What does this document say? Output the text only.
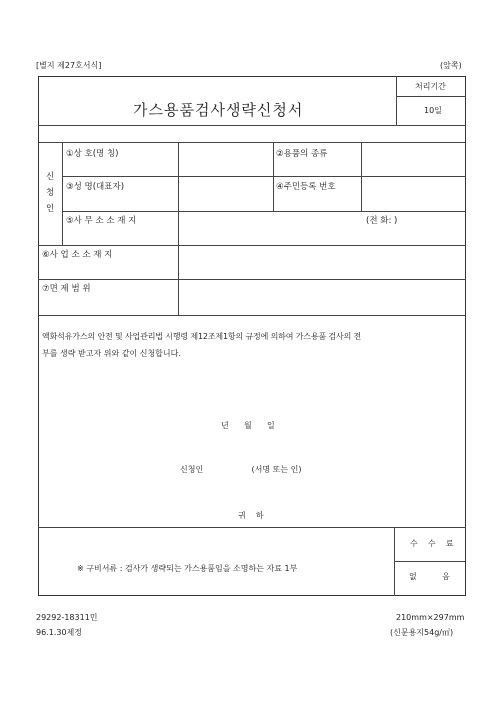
[별지 제27호서식]	(앞쪽)
가스용품검사생략신청서
처리기간
10일
신
청
인
①상 호(명 칭)	②용품의 종류
③성 명(대표자)	④주민등록 번호
⑤사 무 소 소 재 지	(전 화: )
⑥사 업 소 소 재 지
⑦면 제 범 위
액화석유가스의 안전 및 사업관리법 시행령 제12조제1항의 규정에 의하여 가스용품 검사의 전
부를 생략 받고자 위와 같이 신청합니다.
년      월      일
신청인                   (서명 또는 인)
귀    하
※ 구비서류 : 검사가 생략되는 가스용품임을 소명하는 자료 1부
수    수    료
없          음
29292-18311민
96.1.30제정
210mm×297mm
(신문용지54g/㎡)
